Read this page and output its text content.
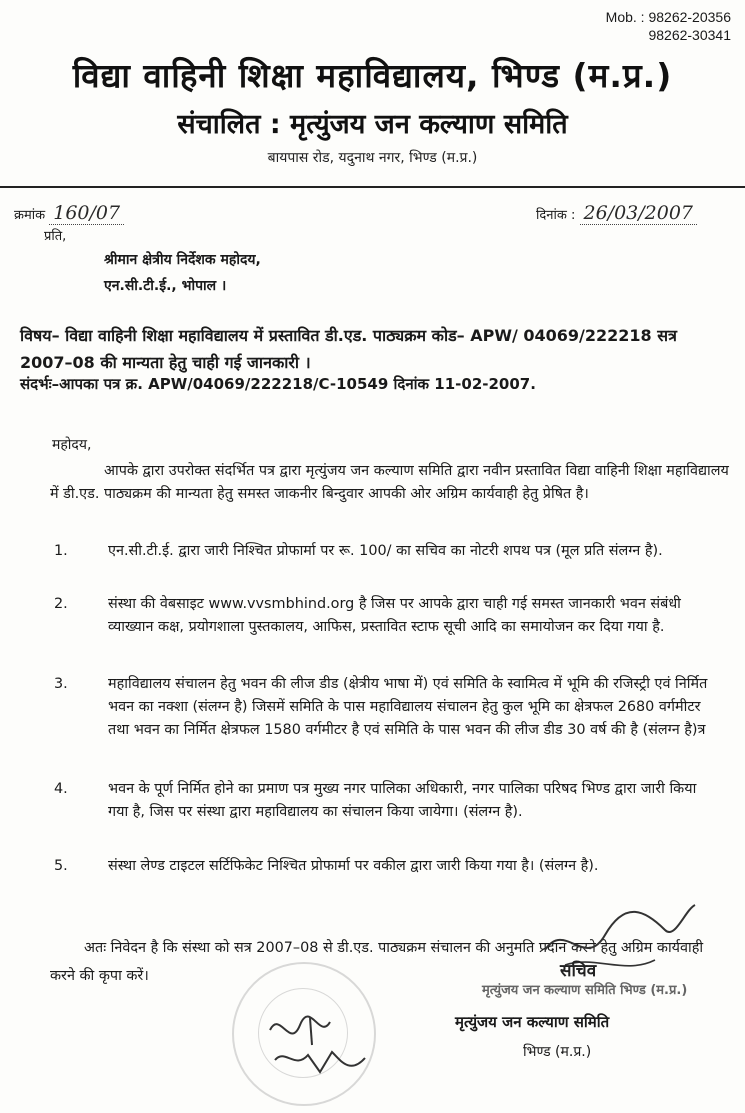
Mob. : 98262-20356
98262-30341
विद्या वाहिनी शिक्षा महाविद्यालय, भिण्ड (म.प्र.)
संचालित : मृत्युंजय जन कल्याण समिति
बायपास रोड, यदुनाथ नगर, भिण्ड (म.प्र.)
क्रमांक 160/07	दिनांक : 26/03/2007
प्रति,
श्रीमान क्षेत्रीय निर्देशक महोदय,
एन.सी.टी.ई., भोपाल ।
विषय– विद्या वाहिनी शिक्षा महाविद्यालय में प्रस्तावित डी.एड. पाठ्यक्रम कोड– APW/ 04069/222218 सत्र 2007–08 की मान्यता हेतु चाही गई जानकारी ।
संदर्भः–आपका पत्र क्र. APW/04069/222218/C-10549 दिनांक 11-02-2007.
महोदय,
आपके द्वारा उपरोक्त संदर्भित पत्र द्वारा मृत्युंजय जन कल्याण समिति द्वारा नवीन प्रस्तावित विद्या वाहिनी शिक्षा महाविद्यालय में डी.एड. पाठ्यक्रम की मान्यता हेतु समस्त जाकनीर बिन्दुवार आपकी ओर अग्रिम कार्यवाही हेतु प्रेषित है।
1.	एन.सी.टी.ई. द्वारा जारी निश्चित प्रोफार्मा पर रू. 100/ का सचिव का नोटरी शपथ पत्र (मूल प्रति संलग्न है).
2.	संस्था की वेबसाइट www.vvsmbhind.org है जिस पर आपके द्वारा चाही गई समस्त जानकारी भवन संबंधी व्याख्यान कक्ष, प्रयोगशाला पुस्तकालय, आफिस, प्रस्तावित स्टाफ सूची आदि का समायोजन कर दिया गया है.
3.	महाविद्यालय संचालन हेतु भवन की लीज डीड (क्षेत्रीय भाषा में) एवं समिति के स्वामित्व में भूमि की रजिस्ट्री एवं निर्मित भवन का नक्शा (संलग्न है) जिसमें समिति के पास महाविद्यालय संचालन हेतु कुल भूमि का क्षेत्रफल 2680 वर्गमीटर तथा भवन का निर्मित क्षेत्रफल 1580 वर्गमीटर है एवं समिति के पास भवन की लीज डीड 30 वर्ष की है (संलग्न है)त्र
4.	भवन के पूर्ण निर्मित होने का प्रमाण पत्र मुख्य नगर पालिका अधिकारी, नगर पालिका परिषद भिण्ड द्वारा जारी किया गया है, जिस पर संस्था द्वारा महाविद्यालय का संचालन किया जायेगा। (संलग्न है).
5.	संस्था लेण्ड टाइटल सर्टिफिकेट निश्चित प्रोफार्मा पर वकील द्वारा जारी किया गया है। (संलग्न है).
अतः निवेदन है कि संस्था को सत्र 2007–08 से डी.एड. पाठ्यक्रम संचालन की अनुमति प्रदान करने हेतु अग्रिम कार्यवाही करने की कृपा करें।	सचिव
मृत्युंजय जन कल्याण समिति भिण्ड (म.प्र.)
मृत्युंजय जन कल्याण समिति
भिण्ड (म.प्र.)
